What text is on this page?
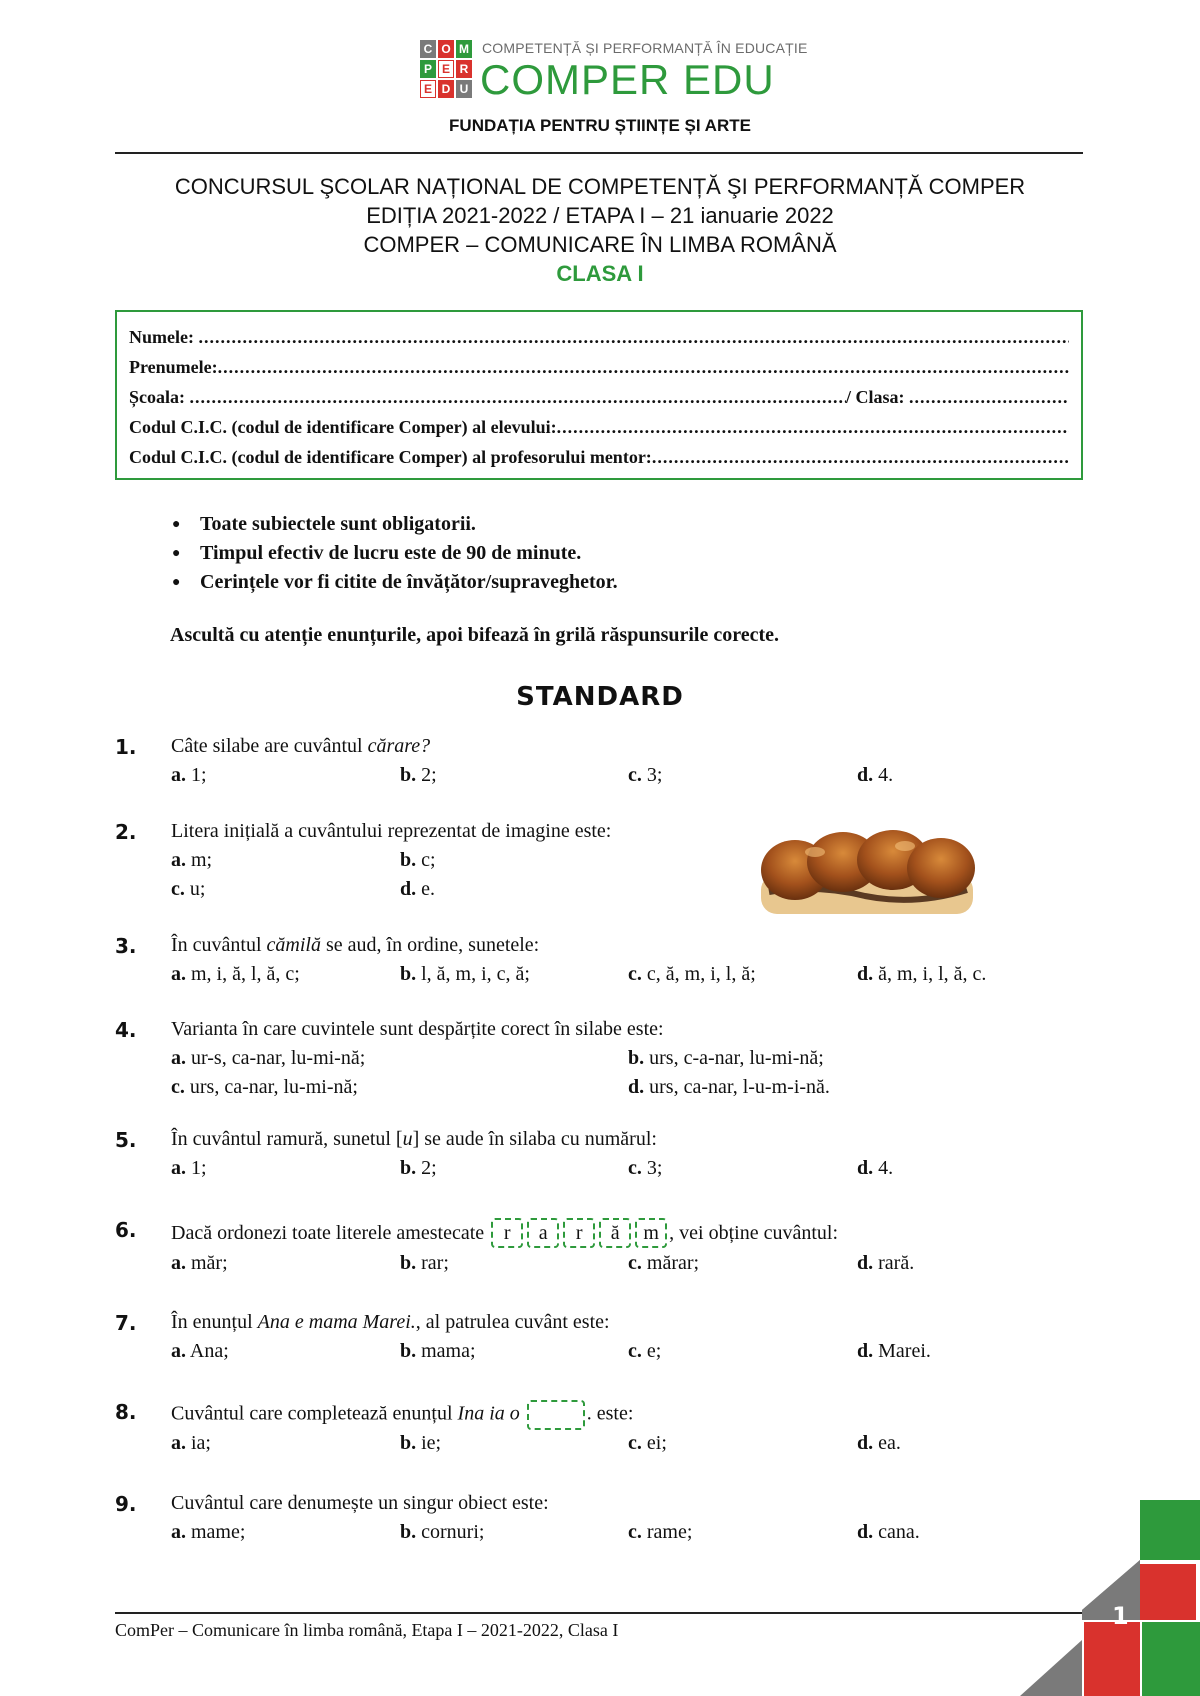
C O M
P E R
E D U
COMPETENȚĂ ȘI PERFORMANȚĂ ÎN EDUCAȚIE
COMPER EDU
FUNDAȚIA PENTRU ȘTIINȚE ȘI ARTE
CONCURSUL ŞCOLAR NAȚIONAL DE COMPETENȚĂ ŞI PERFORMANȚĂ COMPER
EDIȚIA 2021-2022 / ETAPA I – 21 ianuarie 2022
COMPER – COMUNICARE ÎN LIMBA ROMÂNĂ
CLASA I
Numele:

.....
Prenumele:
.....
Școala:
.....	/ Clasa:

.....
Codul C.I.C. (codul de identificare Comper) al elevului:
.....
Codul C.I.C. (codul de identificare Comper) al profesorului mentor:
.....
● Toate subiectele sunt obligatorii.
● Timpul efectiv de lucru este de 90 de minute.
● Cerințele vor fi citite de învățător/supraveghetor.
Ascultă cu atenție enunțurile, apoi bifează în grilă răspunsurile corecte.
STANDARD
1. Câte silabe are cuvântul cărare?
a. 1;	b. 2;	c. 3;	d. 4.
2. Litera inițială a cuvântului reprezentat de imagine este:
a. m;	b. c;
c. u;	d. e.
3. În cuvântul cămilă se aud, în ordine, sunetele:
a. m, i, ă, l, ă, c;	b. l, ă, m, i, c, ă;	c. c, ă, m, i, l, ă;	d. ă, m, i, l, ă, c.
4. Varianta în care cuvintele sunt despărțite corect în silabe este:
a. ur-s, ca-nar, lu-mi-nă;	b. urs, c-a-nar, lu-mi-nă;
c. urs, ca-nar, lu-mi-nă;	d. urs, ca-nar, l-u-m-i-nă.
5. În cuvântul ramură, sunetul [u] se aude în silaba cu numărul:
a. 1;	b. 2;	c. 3;	d. 4.
6. Dacă ordonezi toate literele amestecate r a r ă m , vei obține cuvântul:
a. măr;	b. rar;	c. mărar;	d. rară.
7. În enunțul Ana e mama Marei., al patrulea cuvânt este:
a. Ana;	b. mama;	c. e;	d. Marei.
8. Cuvântul care completează enunțul Ina ia o	. este:
a. ia;	b. ie;	c. ei;	d. ea.
9. Cuvântul care denumește un singur obiect este:
a. mame;	b. cornuri;	c. rame;	d. cana.
ComPer – Comunicare în limba română, Etapa I – 2021-2022, Clasa I	1
